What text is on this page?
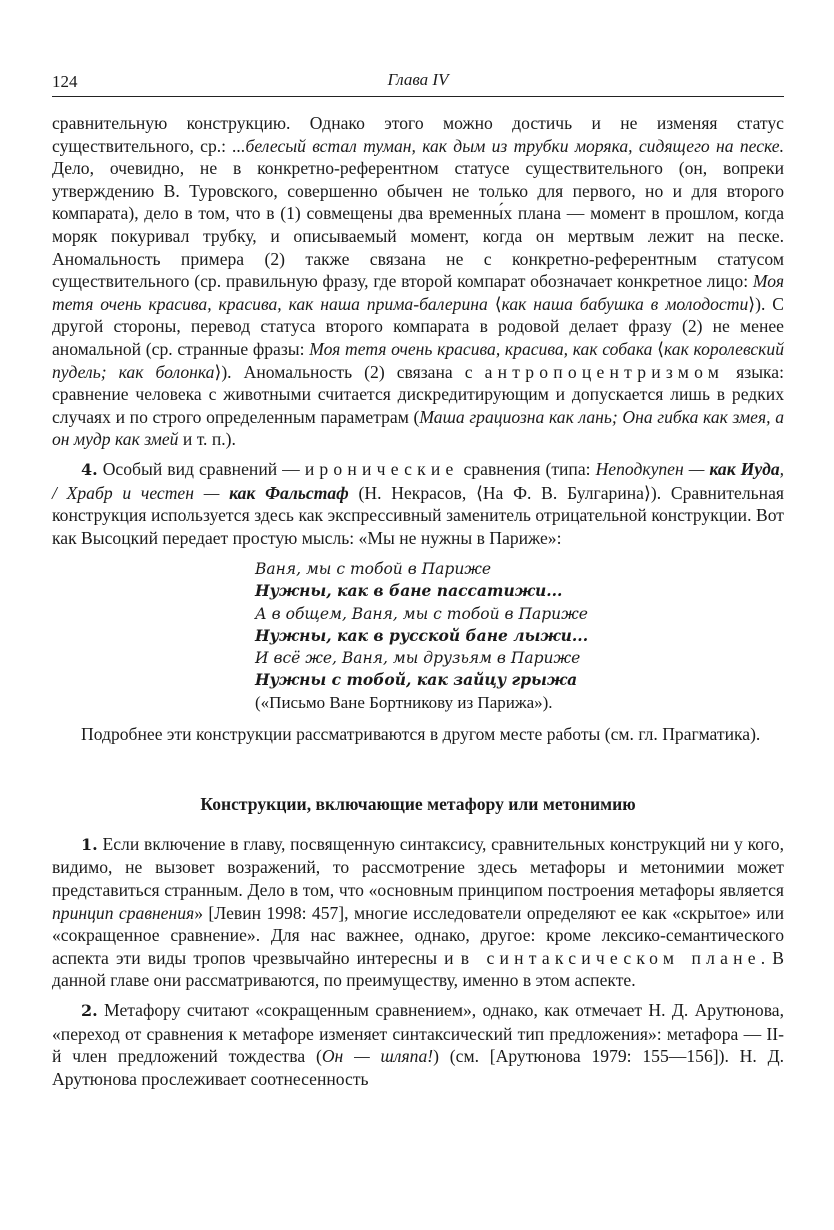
124	Глава IV

сравнительную конструкцию. Однако этого можно достичь и не изменяя статус существительного, ср.: ...белесый встал туман, как дым из трубки моряка, сидящего на песке. Дело, очевидно, не в конкретно-референтном статусе существительного (он, вопреки утверждению В. Туровского, совершенно обычен не только для первого, но и для второго компарата), дело в том, что в (1) совмещены два временны́х плана — момент в прошлом, когда моряк покуривал трубку, и описываемый момент, когда он мертвым лежит на песке. Аномальность примера (2) также связана не с конкретно-референтным статусом существительного (ср. правильную фразу, где второй компарат обозначает конкретное лицо: Моя тетя очень красива, красива, как наша прима-балерина ⟨как наша бабушка в молодости⟩). С другой стороны, перевод статуса второго компарата в родовой делает фразу (2) не менее аномальной (ср. странные фразы: Моя тетя очень красива, красива, как собака ⟨как королевский пудель; как болонка⟩). Аномальность (2) связана с антропоцентризмом языка: сравнение человека с животными считается дискредитирующим и допускается лишь в редких случаях и по строго определенным параметрам (Маша грациозна как лань; Она гибка как змея, а он мудр как змей и т. п.).

4. Особый вид сравнений — иронические сравнения (типа: Неподкупен — как Иуда, / Храбр и честен — как Фальстаф (Н. Некрасов, ⟨На Ф. В. Булгарина⟩). Сравнительная конструкция используется здесь как экспрессивный заменитель отрицательной конструкции. Вот как Высоцкий передает простую мысль: «Мы не нужны в Париже»:

Ваня, мы с тобой в Париже
Нужны, как в бане пассатижи...
А в общем, Ваня, мы с тобой в Париже
Нужны, как в русской бане лыжи...
И всё же, Ваня, мы друзьям в Париже
Нужны с тобой, как зайцу грыжа
(«Письмо Ване Бортникову из Парижа»).

Подробнее эти конструкции рассматриваются в другом месте работы (см. гл. Прагматика).

Конструкции, включающие метафору или метонимию

1. Если включение в главу, посвященную синтаксису, сравнительных конструкций ни у кого, видимо, не вызовет возражений, то рассмотрение здесь метафоры и метонимии может представиться странным. Дело в том, что «основным принципом построения метафоры является принцип сравнения» [Левин 1998: 457], многие исследователи определяют ее как «скрытое» или «сокращенное сравнение». Для нас важнее, однако, другое: кроме лексико-семантического аспекта эти виды тропов чрезвычайно интересны и в синтаксическом плане. В данной главе они рассматриваются, по преимуществу, именно в этом аспекте.

2. Метафору считают «сокращенным сравнением», однако, как отмечает Н. Д. Арутюнова, «переход от сравнения к метафоре изменяет синтаксический тип предложения»: метафора — II-й член предложений тождества (Он — шляпа!) (см. [Арутюнова 1979: 155—156]). Н. Д. Арутюнова прослеживает соотнесенность
